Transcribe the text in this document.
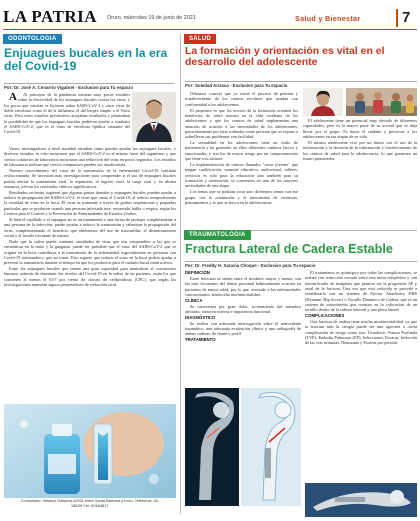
LA PATRIA Oruro, miércoles 19 de junio de 2021	Salud y Bienestar	7
ODONTOLOGIA
Enjuagues bucales en la era del Covid-19
Por: Dr. José A. Cenarrio Vigabrel - Exclusivo para Tu espacio

A Al principio de la pandemia existían muy pocos estudios sobre la efectividad de los enjuagues bucales contra los virus, y los pocos que existían se hicieron sobre SARS-CoV-1 y otros virus de doble envoltura como el de la influenza, el del herpes simple o el Nova virus. Pero estos estudios preventivos arrojaban resultados y planteaban la posibilidad de que los enjuagues bucales pudieran ayudar a combatir el SARS-CoV-2, que es el virus de envoltura lipídica causante del Covid-19.

Varios investigadores a nivel mundial estudian cómo pueden ayudar los enjuagues bucales, y diversos estudios in vitro mostraron que el SARS-CoV-2 es el mismo fuera del organismo y que ciertos colutorios de laboratorio mostraron una reducción del virus en pocos segundos. Los estudios de laboratorio indican que ciertos compuestos pueden ser insuficientes.

Nuestro conocimiento del virus de la transmisión de la enfermedad Covid-19 continúa evolucionando. Se necesitan más investigaciones para comprender si el uso de enjuagues bucales podría afectar la transmisión viral, la expansión, el ingreso viral, la carga viral y, en última instancia, afectar los resultados clínicos significativos.

Resultados recientes sugieren que algunas pastas dentales y enjuagues bucales pueden ayudar a reducir la propagación del SARS-CoV-2, el virus que causa el Covid-19, al reducir temporalmente la cantidad de virus en la boca. El virus se transmite a través de gotitas respiratorias y pequeñas partículas que se producen cuando una persona infectada tose, estornuda, habla o respira, según los Centros para el Control y la Prevención de Enfermedades de Estados Unidos.

Si bien el cepillado y el enjuague no es un tratamiento o una forma de proteger completamente a una persona de la infección, puede ayudar a reducir la transmisión y ralentizar la propagación del virus, complementando el beneficio que obtenemos del uso de mascarillas, el distanciamiento social y el lavado frecuente de manos.

Dado que la saliva puede contener cantidades de virus que son comparables a las que se encuentran en la nariz y la garganta, puede ser probable que el virus del SARS-CoV-2 que se origina en la boca contribuya a la transmisión de la enfermedad, especialmente en personas con Covid-19 asintomático, que no tosen. Esto sugiere que reducir el virus en la boca podría ayudar a prevenir la transmisión durante el tiempo en que los productos para el cuidado bucal están activos.

Entre los enjuagues bucales que tienen una gran capacidad para neutralizar el coronavirus humano, además de disminuir los niveles del Covid-19 en la saliva de un paciente, están los que contienen al menos el 0,07 por ciento de cloruro de cetilpiridinio (CPC), que según las investigaciones muestran signos prometedores de reducción viral.

Consultorio: Velasco Galvarro #2011 entre Santa Bárbara y León. Teléfonos: 52-58129 Cel. 60164817
SALUD
La formación y orientación es vital en el desarrollo del adolescente
Por: Soledad Arizaca - Exclusivo para Tu espacio

Debemos conocer que ya existe el proceso de pensión y fortalecimiento de los centros escolares que ayudan con conformidad a los adolescentes.

El propósito es que los actores de la formación orienten los beneficios de sobre nuestra en la vida cotidiana de los adolescentes y que los centros de salud implementen una atención de acuerdo a las necesidades de los adolescentes, particularmente por estar rodeados como persona que se expone a sobrellevar sus problemas con facilidad.

La sexualidad en los adolescentes tiene un estilo de pertenencia y ha generado en ellos diferentes cambios físicos y emocionales, y son los de mayor riesgo por un comportamiento que tiene a su alcance.

La implementación de centros llamados "casas jóvenes" que tengan cualificación, material educativo, audiovisual, talleres, servicios es sólo para la educación sino también para su formación y orientación, se convierten en una de las mayores necesidades de esta etapa.

Los temas que se podrían tocar son: diferentes temas con ese grupo, con la orientación y el intercambio de vivencias, pensamientos y lo que se busca en la adolescencia.

El adolescente tiene un potencial muy elevado de diferentes capacidades, pero es la mayor parte de su actitud que se deja llevar por el grupo. Es hacer el cuidado y preservar a los adolescentes en sus etapas de su vida.

El mismo adolescente vive por un futuro con el uso de la información y la decisión de la información y fortalecimiento de los centros de salud para la adolescencia, lo que garantiza un futuro prometedor.

TRAUMATOLOGIA
Fractura Lateral de Cadera Estable
Por: Dr. Freddy H. Saravia Choque - Exclusivo para Tu espacio

DEFINICIÓN

Estas fracturas se sitúan entre el trocánter mayor y menor, son las más frecuentes del fémur proximal habitualmente ocurren en pacientes de mayor edad, por lo que, asociado a las enfermedades concomitantes, tienen alta morbimortalidad.

CLÍNICA

Se caracteriza por gran dolor, acortamiento del miembro afectado, rotación externa e impotencia funcional.

DIAGNÓSTICO

Se realiza con adecuada interrogación sobre el antecedente traumático, una adecuada evaluación clínica y una radiografía de ambas caderas, de frente y perfil.

TRATAMIENTO

El tratamiento es quirúrgico por todas las complicaciones, se realiza con reducción cerrada sobre una mesa ortopédica y con intensificador de imágenes que permita ver la progresión AP y axial de la fractura. Una vez que está reducida se procede a estabilizarla con un sistema de Ejector Anatómico DHS (Dynamic Hip Screw) o Tornillo Dinámico de Cadera, que es un sistema de osteosíntesis que consiste en la colocación de un tornillo dentro de la cabeza femoral y una placa lateral.

COMPLICACIONES

Una fractura de cadera tiene mucha morbimortalidad, ya que la fractura más la cirugía puede ser una agresión a cierta complicación de riesgo como son: Trombosis Venosa Profunda (TVP), Embolia Pulmonar (EP), Infecciones, Escaras, Infección de las vías urinarias, Neumonía y Escaras por presión.
